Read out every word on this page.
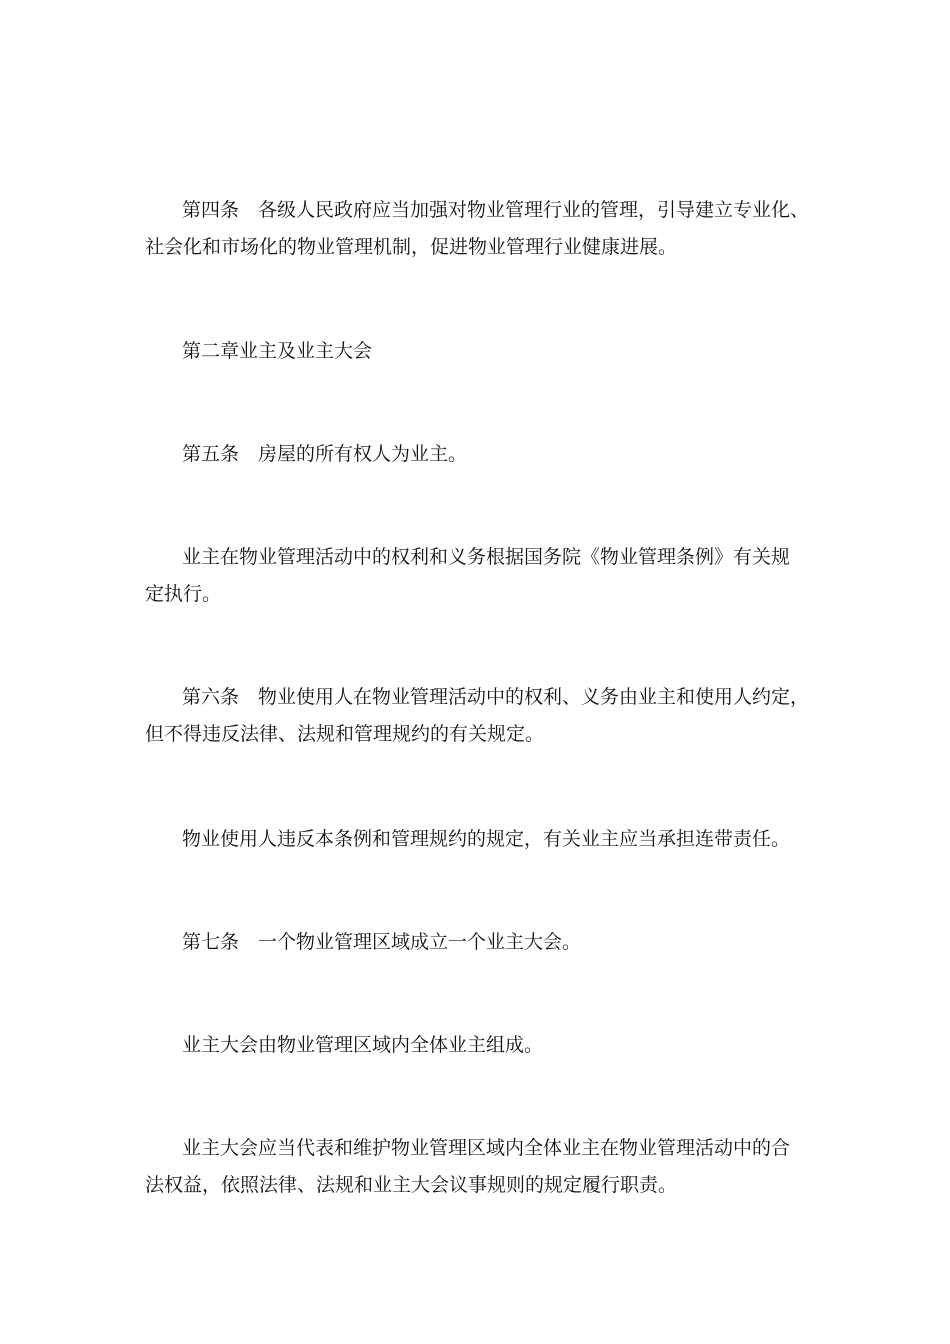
第四条　各级人民政府应当加强对物业管理行业的管理，引导建立专业化、
社会化和市场化的物业管理机制，促进物业管理行业健康进展。
第二章业主及业主大会
第五条　房屋的所有权人为业主。
业主在物业管理活动中的权利和义务根据国务院《物业管理条例》有关规
定执行。
第六条　物业使用人在物业管理活动中的权利、义务由业主和使用人约定，
但不得违反法律、法规和管理规约的有关规定。
物业使用人违反本条例和管理规约的规定，有关业主应当承担连带责任。
第七条　一个物业管理区域成立一个业主大会。
业主大会由物业管理区域内全体业主组成。
业主大会应当代表和维护物业管理区域内全体业主在物业管理活动中的合
法权益，依照法律、法规和业主大会议事规则的规定履行职责。
